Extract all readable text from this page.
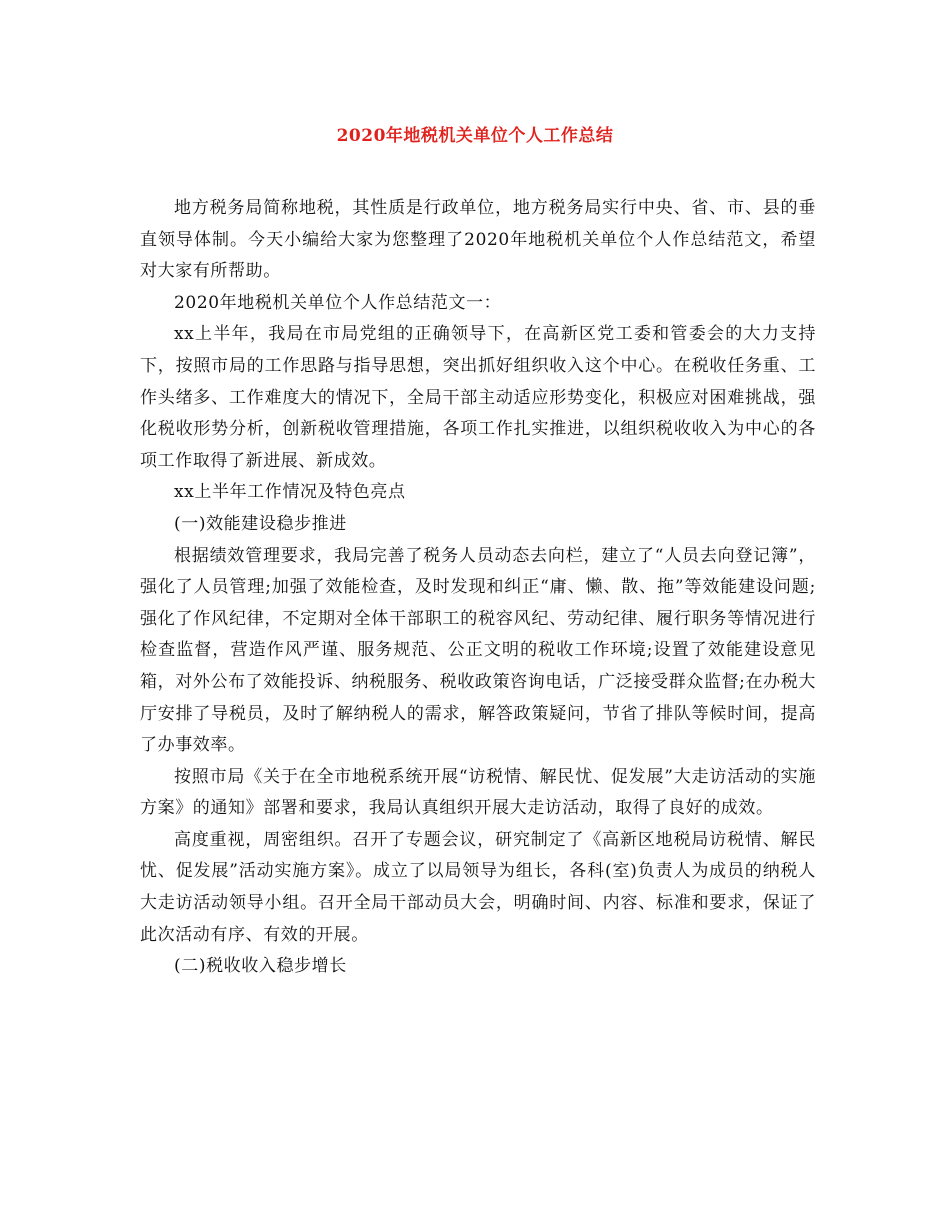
2020年地税机关单位个人工作总结

地方税务局简称地税，其性质是行政单位，地方税务局实行中央、省、市、县的垂直领导体制。今天小编给大家为您整理了2020年地税机关单位个人作总结范文，希望对大家有所帮助。

2020年地税机关单位个人作总结范文一：

xx上半年，我局在市局党组的正确领导下，在高新区党工委和管委会的大力支持下，按照市局的工作思路与指导思想，突出抓好组织收入这个中心。在税收任务重、工作头绪多、工作难度大的情况下，全局干部主动适应形势变化，积极应对困难挑战，强化税收形势分析，创新税收管理措施，各项工作扎实推进，以组织税收收入为中心的各项工作取得了新进展、新成效。

xx上半年工作情况及特色亮点

(一)效能建设稳步推进

根据绩效管理要求，我局完善了税务人员动态去向栏，建立了“人员去向登记簿”，强化了人员管理;加强了效能检查，及时发现和纠正“庸、懒、散、拖”等效能建设问题;强化了作风纪律，不定期对全体干部职工的税容风纪、劳动纪律、履行职务等情况进行检查监督，营造作风严谨、服务规范、公正文明的税收工作环境;设置了效能建设意见箱，对外公布了效能投诉、纳税服务、税收政策咨询电话，广泛接受群众监督;在办税大厅安排了导税员，及时了解纳税人的需求，解答政策疑问，节省了排队等候时间，提高了办事效率。

按照市局《关于在全市地税系统开展“访税情、解民忧、促发展”大走访活动的实施方案》的通知》部署和要求，我局认真组织开展大走访活动，取得了良好的成效。

高度重视，周密组织。召开了专题会议，研究制定了《高新区地税局访税情、解民忧、促发展”活动实施方案》。成立了以局领导为组长，各科(室)负责人为成员的纳税人大走访活动领导小组。召开全局干部动员大会，明确时间、内容、标准和要求，保证了此次活动有序、有效的开展。

(二)税收收入稳步增长
